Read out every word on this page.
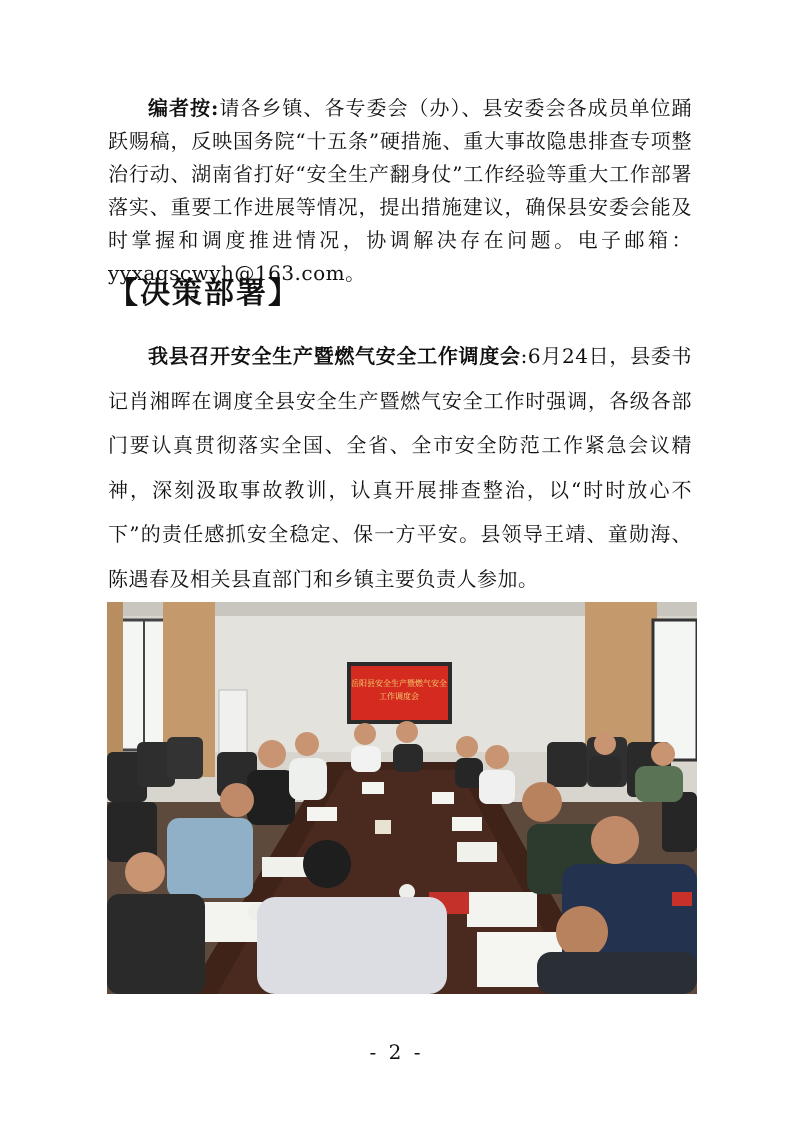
编者按:请各乡镇、各专委会（办）、县安委会各成员单位踊跃赐稿，反映国务院“十五条”硬措施、重大事故隐患排查专项整治行动、湖南省打好“安全生产翻身仗”工作经验等重大工作部署落实、重要工作进展等情况，提出措施建议，确保县安委会能及时掌握和调度推进情况，协调解决存在问题。电子邮箱：yyxaqscwyh@163.com。
【决策部署】
我县召开安全生产暨燃气安全工作调度会:6月24日，县委书记肖湘晖在调度全县安全生产暨燃气安全工作时强调，各级各部门要认真贯彻落实全国、全省、全市安全防范工作紧急会议精神，深刻汲取事故教训，认真开展排查整治，以“时时放心不下”的责任感抓安全稳定、保一方平安。县领导王靖、童勋海、陈遇春及相关县直部门和乡镇主要负责人参加。
岳阳县安全生产暨燃气安全
工作调度会
- 2 -
